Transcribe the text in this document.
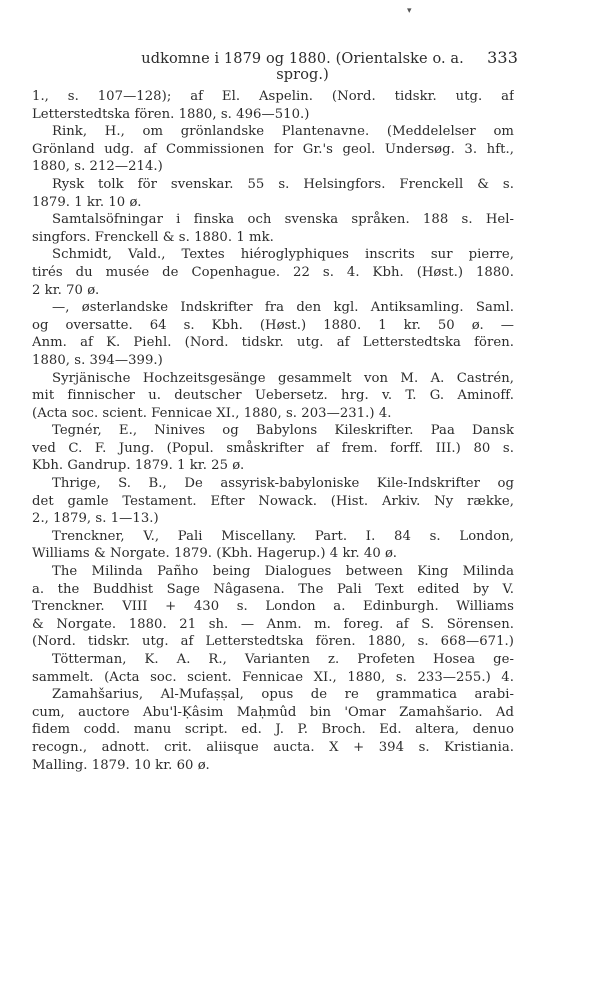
▾
udkomne i 1879 og 1880. (Orientalske o. a. sprog.)
333
1., s. 107—128); af El. Aspelin. (Nord. tidskr. utg. af
Letterstedtska fören. 1880, s. 496—510.)
Rink, H., om grönlandske Plantenavne. (Meddelelser om
Grönland udg. af Commissionen for Gr.'s geol. Undersøg. 3. hft.,
1880, s. 212—214.)
Rysk tolk för svenskar. 55 s. Helsingfors. Frenckell & s.
1879. 1 kr. 10 ø.
Samtalsöfningar i finska och svenska språken. 188 s. Hel-
singfors. Frenckell & s. 1880. 1 mk.
Schmidt, Vald., Textes hiéroglyphiques inscrits sur pierre,
tirés du musée de Copenhague. 22 s. 4. Kbh. (Høst.) 1880.
2 kr. 70 ø.
—, østerlandske Indskrifter fra den kgl. Antiksamling. Saml.
og oversatte. 64 s. Kbh. (Høst.) 1880. 1 kr. 50 ø. —
Anm. af K. Piehl. (Nord. tidskr. utg. af Letterstedtska fören.
1880, s. 394—399.)
Syrjänische Hochzeitsgesänge gesammelt von M. A. Castrén,
mit finnischer u. deutscher Uebersetz. hrg. v. T. G. Aminoff.
(Acta soc. scient. Fennicae XI., 1880, s. 203—231.) 4.
Tegnér, E., Ninives og Babylons Kileskrifter. Paa Dansk
ved C. F. Jung. (Popul. småskrifter af frem. forff. III.) 80 s.
Kbh. Gandrup. 1879. 1 kr. 25 ø.
Thrige, S. B., De assyrisk-babyloniske Kile-Indskrifter og
det gamle Testament. Efter Nowack. (Hist. Arkiv. Ny række,
2., 1879, s. 1—13.)
Trenckner, V., Pali Miscellany. Part. I. 84 s. London,
Williams & Norgate. 1879. (Kbh. Hagerup.) 4 kr. 40 ø.
The Milinda Pañho being Dialogues between King Milinda
a. the Buddhist Sage Nâgasena. The Pali Text edited by V.
Trenckner. VIII + 430 s. London a. Edinburgh. Williams
& Norgate. 1880. 21 sh. — Anm. m. foreg. af S. Sörensen.
(Nord. tidskr. utg. af Letterstedtska fören. 1880, s. 668—671.)
Tötterman, K. A. R., Varianten z. Profeten Hosea ge-
sammelt. (Acta soc. scient. Fennicae XI., 1880, s. 233—255.) 4.
Zamahšarius, Al-Mufaṣṣal, opus de re grammatica arabi-
cum, auctore Abu'l-Ḳâsim Maḥmûd bin 'Omar Zamahšario. Ad
fidem codd. manu script. ed. J. P. Broch. Ed. altera, denuo
recogn., adnott. crit. aliisque aucta. X + 394 s. Kristiania.
Malling. 1879. 10 kr. 60 ø.
